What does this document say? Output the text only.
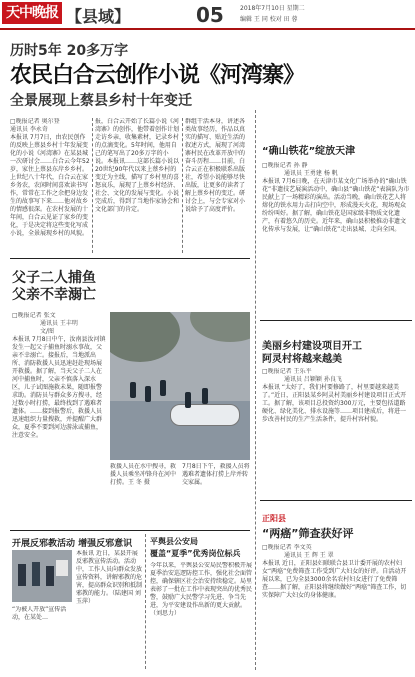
天中晚报 【县域】	05	2018年7月10日 星期二
编辑 王 同 校对 田 蓉
历时5年 20多万字
农民白合云创作小说《河湾寨》
全景展现上蔡县乡村十年变迁
□晚报记者 奥尔登
通讯员 李永奇

本报讯 7月7日，由农民创作的反映上蔡县乡村十年发展变化的小说《河湾寨》在某县城一次研讨会……白合云今年52岁，家住上蔡县东岸乡乡村。上世纪八十年代，白合云在家乡务农，农闲时间喜欢读书写作，常常在工作之余把身边发生的故事写下来……他对故乡的情感很深。在农村发展的十年间，白合云见证了家乡的变化，于是决定将这些变化写成小说，全景展现乡村的风貌。

报，白合云开始了长篇小说《河湾寨》的创作，他带着创作计划走访乡亲，收集素材，记录乡村的点滴变化。5年时间，他用自己的笔写出了20多万字的小说。本报讯……这部长篇小说以20世纪90年代以来上蔡乡村的变迁为主线，描写了乡村里的喜怒哀乐，展现了上蔡乡村经济、社会、文化的发展与变化。小说完成后，得到了当地作家协会和文化部门的肯定。

群组干活本身，讲述各类故事经历，作品以真实的描写、贴近生活的叙述方式，展现了河湾寨村民在改革开放中的奋斗历程……目前，白合云正在积极联系出版社，希望小说能够尽快出版，让更多的读者了解上蔡乡村的变迁。研讨会上，与会专家对小说给予了高度评价。

父子二人捕鱼
父亲不幸溺亡
□晚报记者 张文
通讯员 王丰明
文/图

本报讯 7月8日中午，汝南县汝河镇发生一起父子捕鱼时溺水事故，父亲不幸溺亡。接报后，当地派出所、消防救援人员迅速赶赴现场展开救援。据了解，当天父子二人在河中捕鱼时，父亲不慎落入深水区，儿子试图施救未果，随即报警求助。消防员与群众多方搜寻，经过数小时打捞，最终找到了遇难者遗体。……接到报警后，救援人员迅速组织力量搜救，并提醒广大群众，夏季不要到河边游泳或捕鱼，注意安全。

救援人员在水中搜寻，救援人员乘坐冲锋舟在河中打捞。王 冬 摄
7月8日下午，救援人员将遇难者遗体打捞上岸并转交家属。
“确山铁花”绽放天津
□晚报记者 孙 静
通讯员 王勇建 杨 帆

本报讯 7月6日晚，在天津市某文化广场举办的“确山铁花”非遗技艺展演活动中，确山县“确山铁花”表演队为市民献上了一场精彩的演出。活动当晚，确山铁花艺人将熔化的铁水用力击打向空中，形成漫天火花，现场观众纷纷叫好。据了解，确山铁花是国家级非物质文化遗产，有着悠久的历史。近年来，确山县积极推动非遗文化传承与发展，让“确山铁花”走出县城、走向全国。

美丽乡村建设项目开工
阿灵村将越来越美
□晚报记者 王乐平
通讯员 吕颖颖 孙良飞

本报讯 “太好了，我们村要修路了，村里要越来越美了。”近日，正阳县某乡阿灵村美丽乡村建设项目正式开工。据了解，该项目总投资约300万元，主要包括道路硬化、绿化美化、排水设施等……项目建成后，将进一步改善村民的生产生活条件，提升村容村貌。

正阳县
“两癌”筛查获好评
□晚报记者 李文英
通讯员 王 辉 王 翠

本报讯 近日，正阳县妇联联合县卫计委开展的农村妇女“两癌”免费筛查工作受到广大妇女的好评。自活动开展以来，已为全县3000余名农村妇女进行了免费筛查……据了解，正阳县将继续做好“两癌”筛查工作，切实保障广大妇女的身体健康。

开展反邪教活动 增强反邪意识
“为被人开放”宣传活动，在某处…

本报讯 近日，某县开展反邪教宣传活动。活动中，工作人员向群众发放宣传资料，讲解邪教的危害，提高群众识别和抵制邪教的能力。（陆建国 刘玉萍）

平舆县公安局
覆盖“夏季”优秀岗位标兵

今年以来，平舆县公安局民警积极开展夏季治安巡逻防控工作，强化社会面管控，确保辖区社会治安持续稳定。局里表彰了一批在工作中表现突出的优秀民警，鼓励广大民警学习先进、争当先进，为平安建设作出新的更大贡献。（刘思力）
